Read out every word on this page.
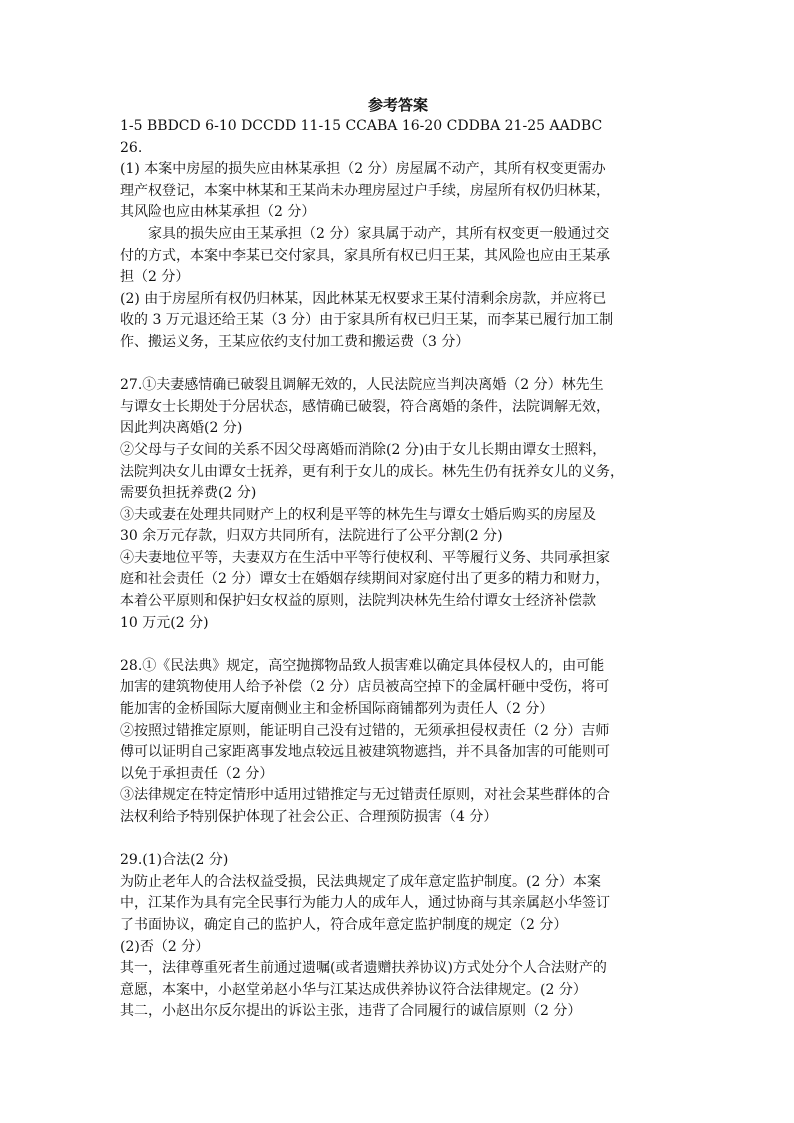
参考答案

1-5 BBDCD 6-10 DCCDD 11-15 CCABA 16-20 CDDBA 21-25 AADBC

26.

(1) 本案中房屋的损失应由林某承担（2 分）房屋属不动产，其所有权变更需办

理产权登记，本案中林某和王某尚未办理房屋过户手续，房屋所有权仍归林某，

其风险也应由林某承担（2 分）

家具的损失应由王某承担（2 分）家具属于动产，其所有权变更一般通过交

付的方式，本案中李某已交付家具，家具所有权已归王某，其风险也应由王某承

担（2 分）

(2) 由于房屋所有权仍归林某，因此林某无权要求王某付清剩余房款，并应将已

收的 3 万元退还给王某（3 分）由于家具所有权已归王某，而李某已履行加工制

作、搬运义务，王某应依约支付加工费和搬运费（3 分）

27.①夫妻感情确已破裂且调解无效的，人民法院应当判决离婚（2 分）林先生

与谭女士长期处于分居状态，感情确已破裂，符合离婚的条件，法院调解无效，

因此判决离婚(2 分)

②父母与子女间的关系不因父母离婚而消除(2 分)由于女儿长期由谭女士照料，

法院判决女儿由谭女士抚养，更有利于女儿的成长。林先生仍有抚养女儿的义务，

需要负担抚养费(2 分)

③夫或妻在处理共同财产上的权利是平等的林先生与谭女士婚后购买的房屋及

30 余万元存款，归双方共同所有，法院进行了公平分割(2 分)

④夫妻地位平等，夫妻双方在生活中平等行使权利、平等履行义务、共同承担家

庭和社会责任（2 分）谭女士在婚姻存续期间对家庭付出了更多的精力和财力，

本着公平原则和保护妇女权益的原则，法院判决林先生给付谭女士经济补偿款

10 万元(2 分)

28.①《民法典》规定，高空抛掷物品致人损害难以确定具体侵权人的，由可能

加害的建筑物使用人给予补偿（2 分）店员被高空掉下的金属杆砸中受伤，将可

能加害的金桥国际大厦南侧业主和金桥国际商铺都列为责任人（2 分）

②按照过错推定原则，能证明自己没有过错的，无须承担侵权责任（2 分）吉师

傅可以证明自己家距离事发地点较远且被建筑物遮挡，并不具备加害的可能则可

以免于承担责任（2 分）

③法律规定在特定情形中适用过错推定与无过错责任原则，对社会某些群体的合

法权利给予特别保护体现了社会公正、合理预防损害（4 分）

29.(1)合法(2 分)

为防止老年人的合法权益受损，民法典规定了成年意定监护制度。(2 分）本案

中，江某作为具有完全民事行为能力人的成年人，通过协商与其亲属赵小华签订

了书面协议，确定自己的监护人，符合成年意定监护制度的规定（2 分）

(2)否（2 分）

其一，法律尊重死者生前通过遗嘱(或者遗赠扶养协议)方式处分个人合法财产的

意愿，本案中，小赵堂弟赵小华与江某达成供养协议符合法律规定。(2 分）

其二，小赵出尔反尔提出的诉讼主张，违背了合同履行的诚信原则（2 分）
